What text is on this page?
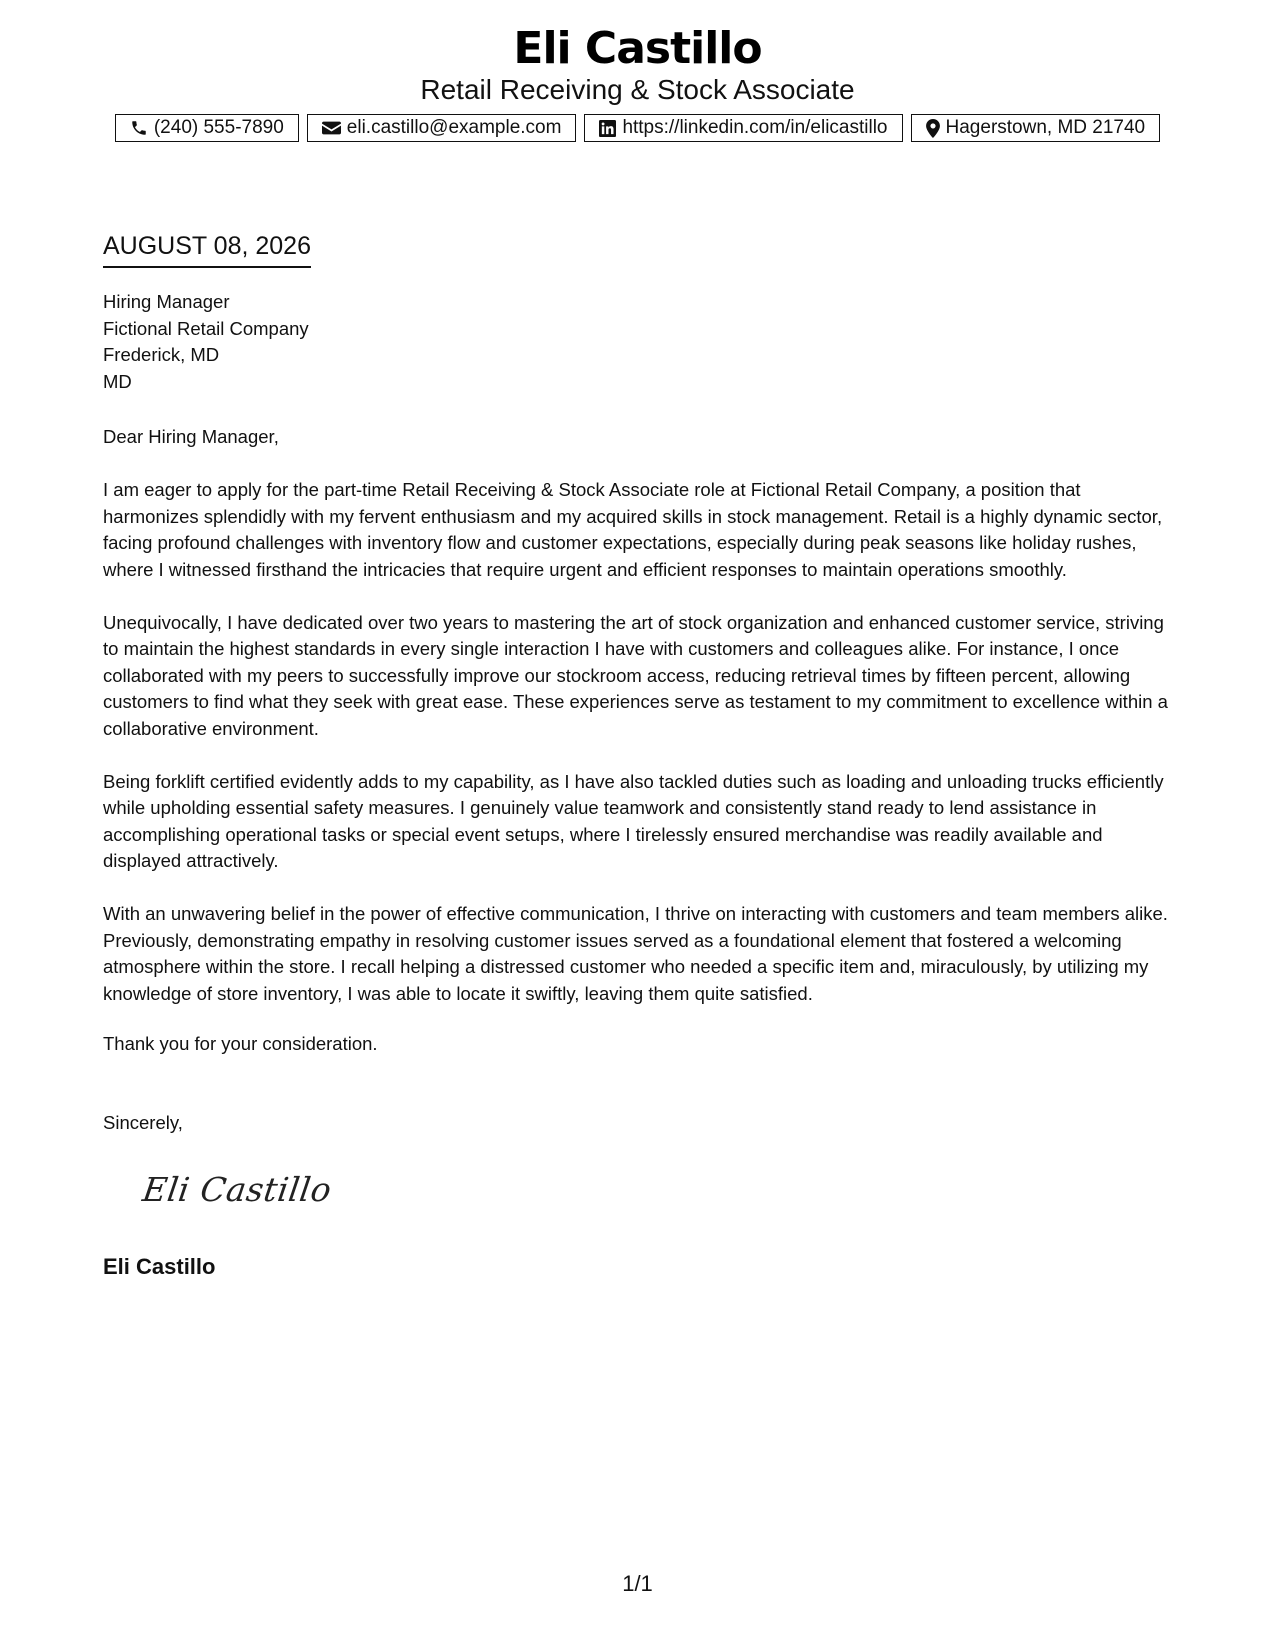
Eli Castillo
Retail Receiving & Stock Associate
(240) 555-7890	eli.castillo@example.com	https://linkedin.com/in/elicastillo	Hagerstown, MD 21740
AUGUST 08, 2026
Hiring Manager
Fictional Retail Company
Frederick, MD
MD
Dear Hiring Manager,

I am eager to apply for the part-time Retail Receiving & Stock Associate role at Fictional Retail Company, a position that harmonizes splendidly with my fervent enthusiasm and my acquired skills in stock management. Retail is a highly dynamic sector, facing profound challenges with inventory flow and customer expectations, especially during peak seasons like holiday rushes, where I witnessed firsthand the intricacies that require urgent and efficient responses to maintain operations smoothly.

Unequivocally, I have dedicated over two years to mastering the art of stock organization and enhanced customer service, striving to maintain the highest standards in every single interaction I have with customers and colleagues alike. For instance, I once collaborated with my peers to successfully improve our stockroom access, reducing retrieval times by fifteen percent, allowing customers to find what they seek with great ease. These experiences serve as testament to my commitment to excellence within a collaborative environment.

Being forklift certified evidently adds to my capability, as I have also tackled duties such as loading and unloading trucks efficiently while upholding essential safety measures. I genuinely value teamwork and consistently stand ready to lend assistance in accomplishing operational tasks or special event setups, where I tirelessly ensured merchandise was readily available and displayed attractively.

With an unwavering belief in the power of effective communication, I thrive on interacting with customers and team members alike. Previously, demonstrating empathy in resolving customer issues served as a foundational element that fostered a welcoming atmosphere within the store. I recall helping a distressed customer who needed a specific item and, miraculously, by utilizing my knowledge of store inventory, I was able to locate it swiftly, leaving them quite satisfied.

Thank you for your consideration.
Sincerely,
Eli Castillo
Eli Castillo
1/1
